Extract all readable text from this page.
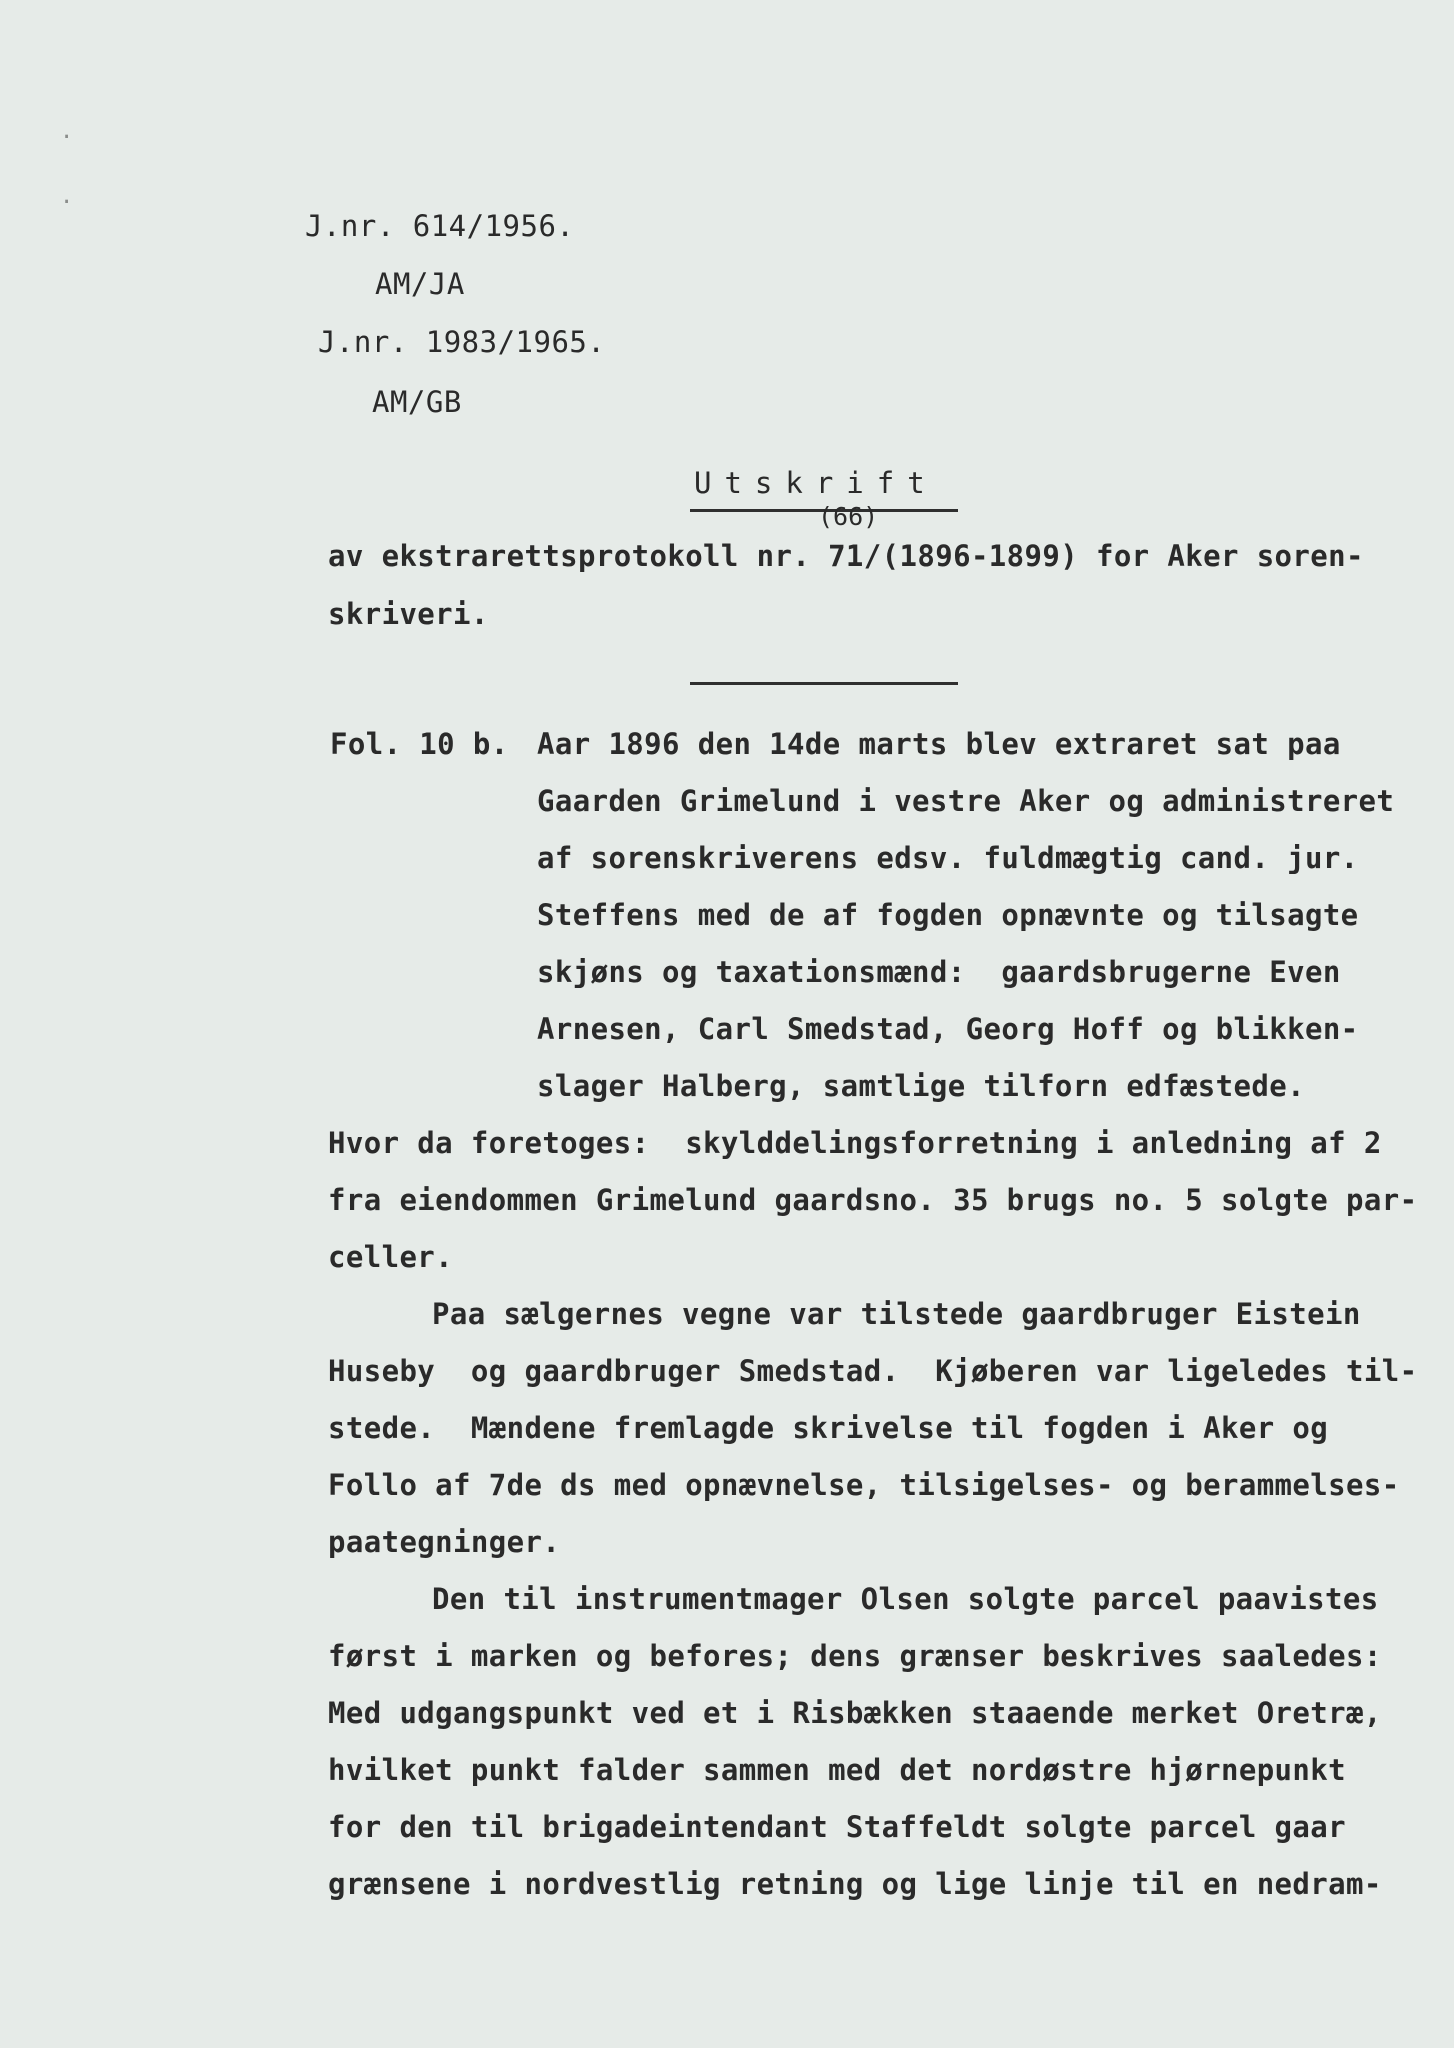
·
·
J.nr. 614/1956.
AM/JA
J.nr. 1983/1965.
AM/GB
Utskrift
(66)
av ekstrarettsprotokoll nr. 71/(1896-1899) for Aker soren-
skriveri.
Fol. 10 b. Aar 1896 den 14de marts blev extraret sat paa
Gaarden Grimelund i vestre Aker og administreret
af sorenskriverens edsv. fuldmægtig cand. jur.
Steffens med de af fogden opnævnte og tilsagte
skjøns og taxationsmænd:  gaardsbrugerne Even
Arnesen, Carl Smedstad, Georg Hoff og blikken-
slager Halberg, samtlige tilforn edfæstede.
Hvor da foretoges:  skylddelingsforretning i anledning af 2
fra eiendommen Grimelund gaardsno. 35 brugs no. 5 solgte par-
celler.
Paa sælgernes vegne var tilstede gaardbruger Eistein
Huseby  og gaardbruger Smedstad.  Kjøberen var ligeledes til-
stede.  Mændene fremlagde skrivelse til fogden i Aker og
Follo af 7de ds med opnævnelse, tilsigelses- og berammelses-
paategninger.
Den til instrumentmager Olsen solgte parcel paavistes
først i marken og befores; dens grænser beskrives saaledes:
Med udgangspunkt ved et i Risbækken staaende merket Oretræ,
hvilket punkt falder sammen med det nordøstre hjørnepunkt
for den til brigadeintendant Staffeldt solgte parcel gaar
grænsene i nordvestlig retning og lige linje til en nedram-
